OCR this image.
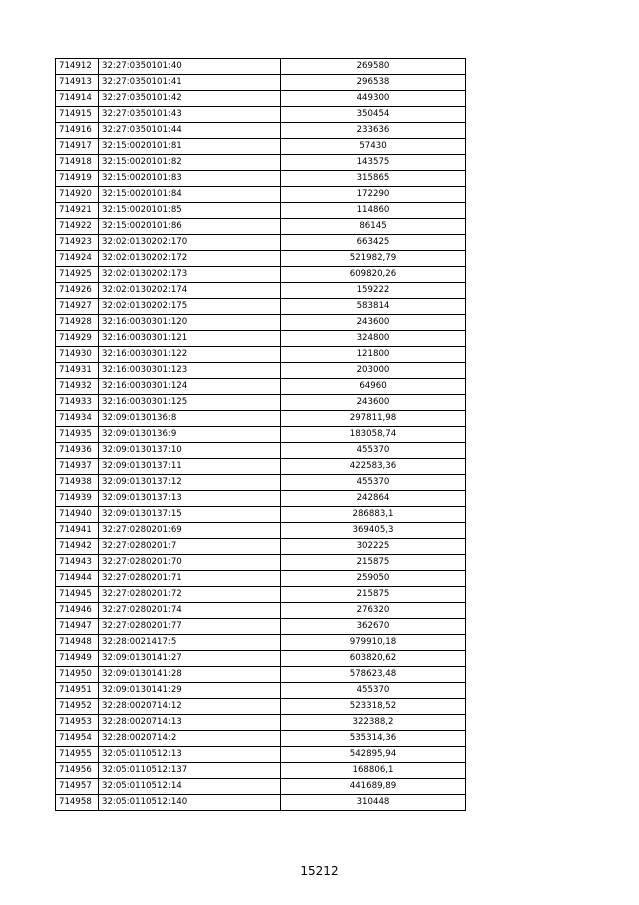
714912	32:27:0350101:40	269580
714913	32:27:0350101:41	296538
714914	32:27:0350101:42	449300
714915	32:27:0350101:43	350454
714916	32:27:0350101:44	233636
714917	32:15:0020101:81	57430
714918	32:15:0020101:82	143575
714919	32:15:0020101:83	315865
714920	32:15:0020101:84	172290
714921	32:15:0020101:85	114860
714922	32:15:0020101:86	86145
714923	32:02:0130202:170	663425
714924	32:02:0130202:172	521982,79
714925	32:02:0130202:173	609820,26
714926	32:02:0130202:174	159222
714927	32:02:0130202:175	583814
714928	32:16:0030301:120	243600
714929	32:16:0030301:121	324800
714930	32:16:0030301:122	121800
714931	32:16:0030301:123	203000
714932	32:16:0030301:124	64960
714933	32:16:0030301:125	243600
714934	32:09:0130136:8	297811,98
714935	32:09:0130136:9	183058,74
714936	32:09:0130137:10	455370
714937	32:09:0130137:11	422583,36
714938	32:09:0130137:12	455370
714939	32:09:0130137:13	242864
714940	32:09:0130137:15	286883,1
714941	32:27:0280201:69	369405,3
714942	32:27:0280201:7	302225
714943	32:27:0280201:70	215875
714944	32:27:0280201:71	259050
714945	32:27:0280201:72	215875
714946	32:27:0280201:74	276320
714947	32:27:0280201:77	362670
714948	32:28:0021417:5	979910,18
714949	32:09:0130141:27	603820,62
714950	32:09:0130141:28	578623,48
714951	32:09:0130141:29	455370
714952	32:28:0020714:12	523318,52
714953	32:28:0020714:13	322388,2
714954	32:28:0020714:2	535314,36
714955	32:05:0110512:13	542895,94
714956	32:05:0110512:137	168806,1
714957	32:05:0110512:14	441689,89
714958	32:05:0110512:140	310448
15212
